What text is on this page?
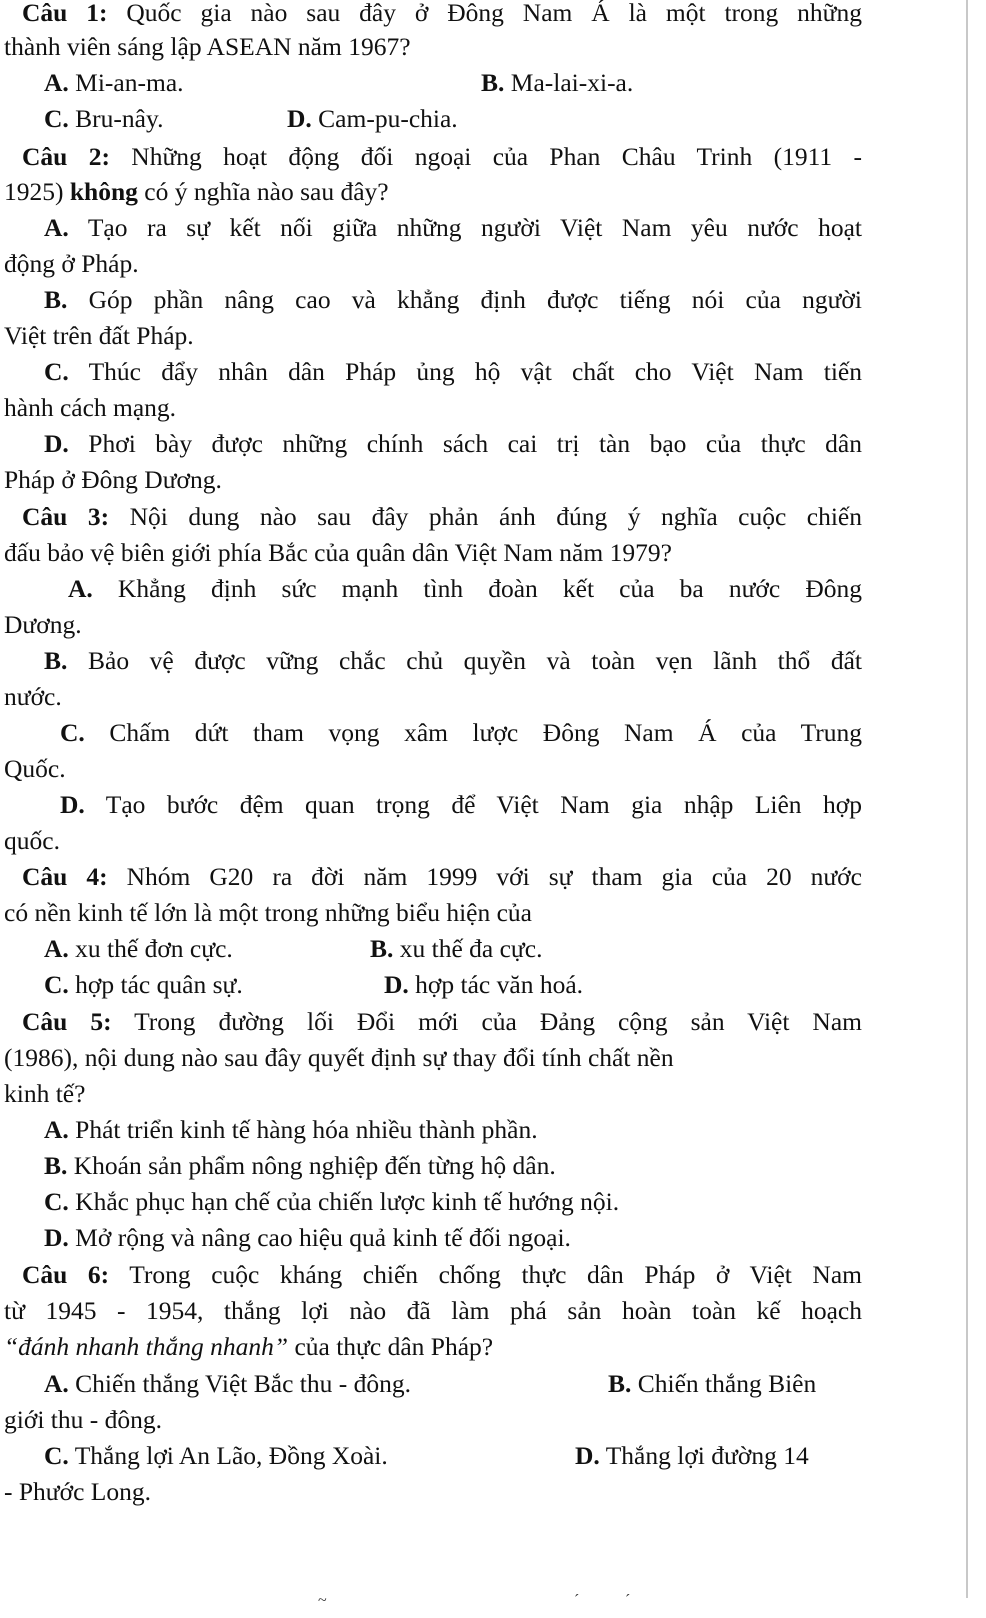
Câu 1: Quốc gia nào sau đây ở Đông Nam Á là một trong những
thành viên sáng lập ASEAN năm 1967?
A. Mi-an-ma.	B. Ma-lai-xi-a.
C. Bru-nây.	D. Cam-pu-chia.
Câu 2: Những hoạt động đối ngoại của Phan Châu Trinh (1911 -
1925) không có ý nghĩa nào sau đây?
A. Tạo ra sự kết nối giữa những người Việt Nam yêu nước hoạt
động ở Pháp.
B. Góp phần nâng cao và khẳng định được tiếng nói của người
Việt trên đất Pháp.
C. Thúc đẩy nhân dân Pháp ủng hộ vật chất cho Việt Nam tiến
hành cách mạng.
D. Phơi bày được những chính sách cai trị tàn bạo của thực dân
Pháp ở Đông Dương.
Câu 3: Nội dung nào sau đây phản ánh đúng ý nghĩa cuộc chiến
đấu bảo vệ biên giới phía Bắc của quân dân Việt Nam năm 1979?
A. Khẳng định sức mạnh tình đoàn kết của ba nước Đông
Dương.
B. Bảo vệ được vững chắc chủ quyền và toàn vẹn lãnh thổ đất
nước.
C. Chấm dứt tham vọng xâm lược Đông Nam Á của Trung
Quốc.
D. Tạo bước đệm quan trọng để Việt Nam gia nhập Liên hợp
quốc.
Câu 4: Nhóm G20 ra đời năm 1999 với sự tham gia của 20 nước
có nền kinh tế lớn là một trong những biểu hiện của
A. xu thế đơn cực.	B. xu thế đa cực.
C. hợp tác quân sự.	D. hợp tác văn hoá.
Câu 5: Trong đường lối Đổi mới của Đảng cộng sản Việt Nam
(1986), nội dung nào sau đây quyết định sự thay đổi tính chất nền
kinh tế?
A. Phát triển kinh tế hàng hóa nhiều thành phần.
B. Khoán sản phẩm nông nghiệp đến từng hộ dân.
C. Khắc phục hạn chế của chiến lược kinh tế hướng nội.
D. Mở rộng và nâng cao hiệu quả kinh tế đối ngoại.
Câu 6: Trong cuộc kháng chiến chống thực dân Pháp ở Việt Nam
từ 1945 - 1954, thắng lợi nào đã làm phá sản hoàn toàn kế hoạch
“đánh nhanh thắng nhanh” của thực dân Pháp?
A. Chiến thắng Việt Bắc thu - đông.	B. Chiến thắng Biên
giới thu - đông.
C. Thắng lợi An Lão, Đồng Xoài.	D. Thắng lợi đường 14
- Phước Long.
~	´	´
